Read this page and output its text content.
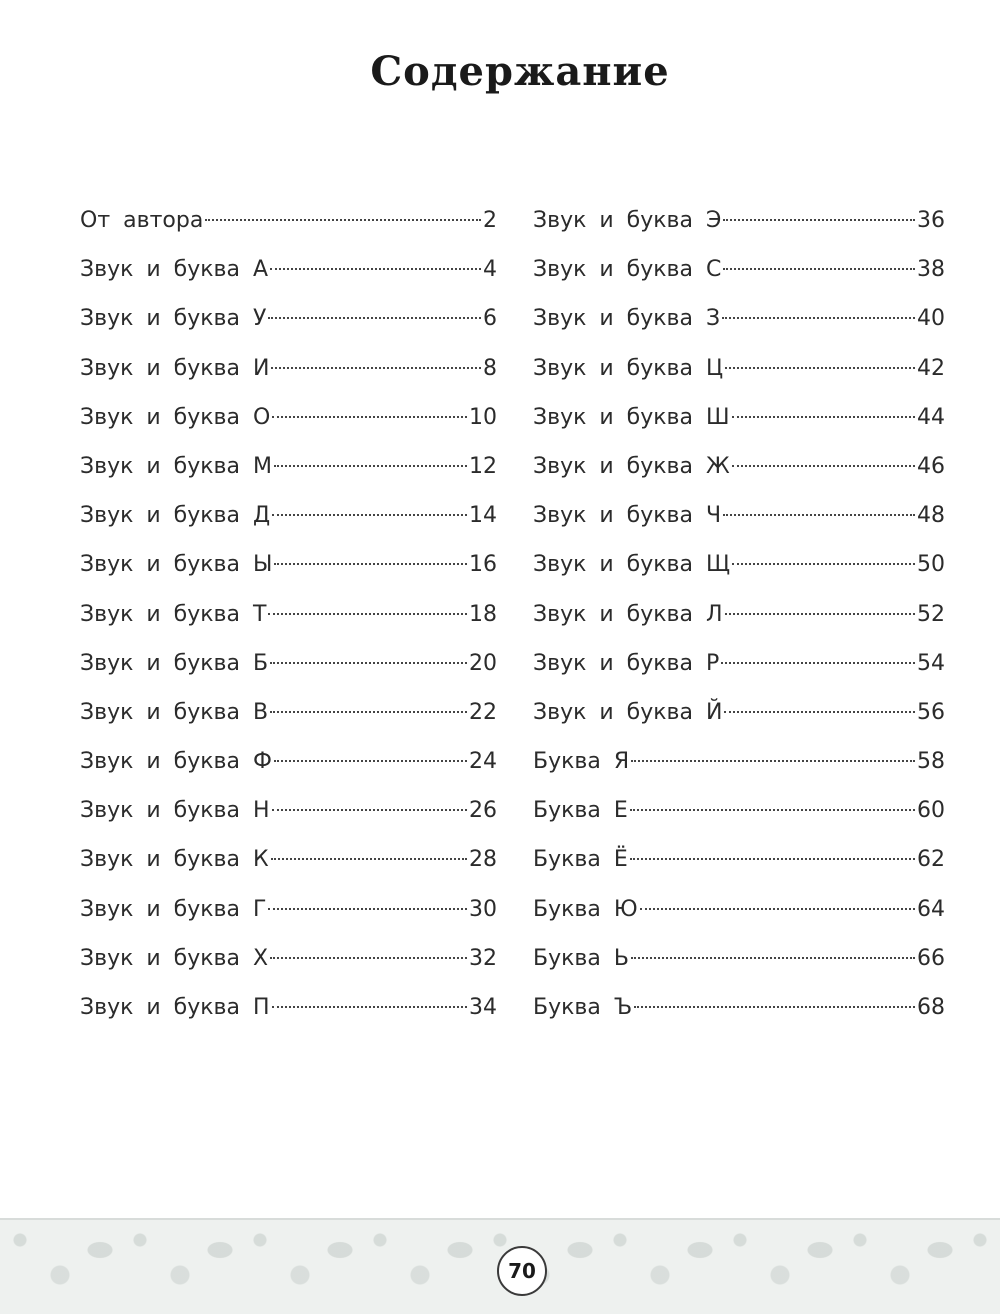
Содержание
От автора	2
Звук и буква А	4
Звук и буква У	6
Звук и буква И	8
Звук и буква О	10
Звук и буква М	12
Звук и буква Д	14
Звук и буква Ы	16
Звук и буква Т	18
Звук и буква Б	20
Звук и буква В	22
Звук и буква Ф	24
Звук и буква Н	26
Звук и буква К	28
Звук и буква Г	30
Звук и буква Х	32
Звук и буква П	34
Звук и буква Э	36
Звук и буква С	38
Звук и буква З	40
Звук и буква Ц	42
Звук и буква Ш	44
Звук и буква Ж	46
Звук и буква Ч	48
Звук и буква Щ	50
Звук и буква Л	52
Звук и буква Р	54
Звук и буква Й	56
Буква Я	58
Буква Е	60
Буква Ё	62
Буква Ю	64
Буква Ь	66
Буква Ъ	68
70
